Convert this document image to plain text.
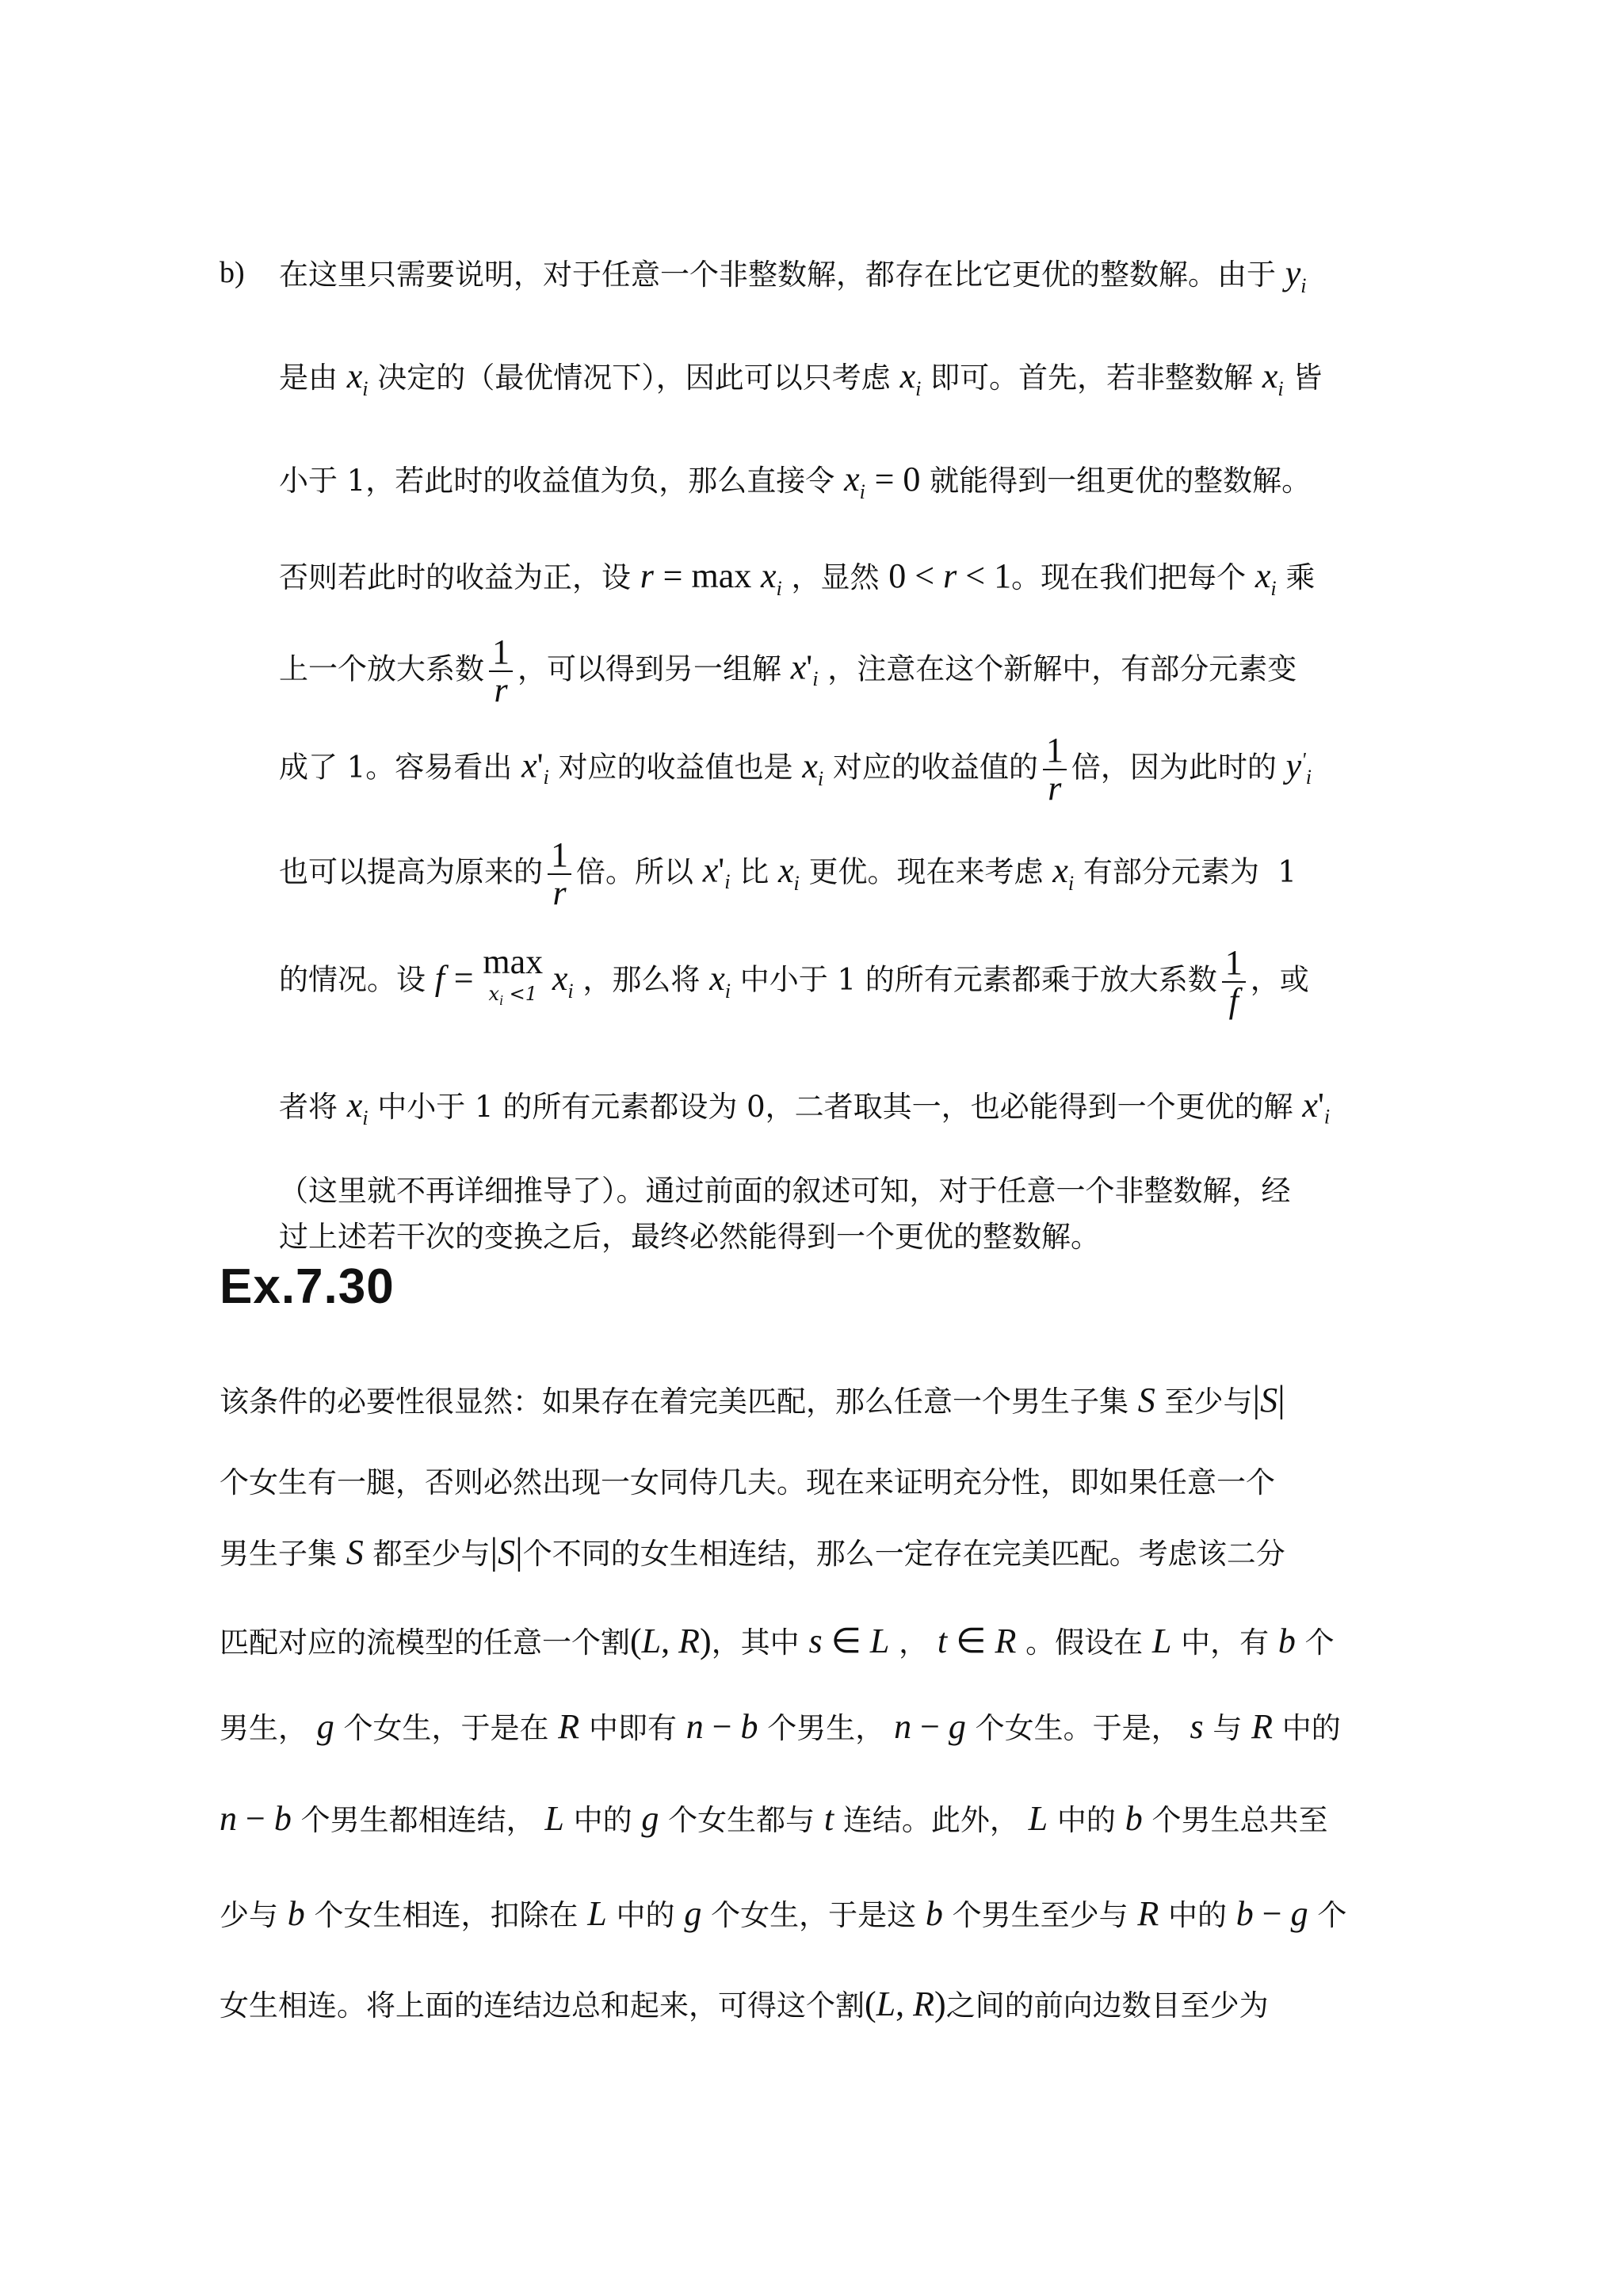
b) 在这里只需要说明，对于任意一个非整数解，都存在比它更优的整数解。由于 $y_i$
是由 $x_i$ 决定的（最优情况下），因此可以只考虑 $x_i$ 即可。首先，若非整数解 $x_i$ 皆
小于 1，若此时的收益值为负，那么直接令 $x_i = 0$ 就能得到一组更优的整数解。
否则若此时的收益为正，设 $r = \max x_i$ ，显然 0 < r < 1。现在我们把每个 $x_i$ 乘
上一个放大系数 $\frac{1}{r}$ ，可以得到另一组解 $x'_i$ ，注意在这个新解中，有部分元素变
成了 1。容易看出 $x'_i$ 对应的收益值也是 $x_i$ 对应的收益值的 $\frac{1}{r}$ 倍，因为此时的 $y'_i$
也可以提高为原来的 $\frac{1}{r}$ 倍。所以 $x'_i$ 比 $x_i$ 更优。现在来考虑 $x_i$ 有部分元素为  1
的情况。设 f = max
$x_i <1$ $x_i$ ，那么将 $x_i$ 中小于 1 的所有元素都乘于放大系数 $\frac{1}{f}$ ，或
者将 $x_i$ 中小于 1 的所有元素都设为 0，二者取其一，也必能得到一个更优的解 $x'_i$
（这里就不再详细推导了）。通过前面的叙述可知，对于任意一个非整数解，经
过上述若干次的变换之后，最终必然能得到一个更优的整数解。
Ex.7.30
该条件的必要性很显然：如果存在着完美匹配，那么任意一个男生子集 S 至少与|S|
个女生有一腿，否则必然出现一女同侍几夫。现在来证明充分性，即如果任意一个
男生子集 S 都至少与|S|个不同的女生相连结，那么一定存在完美匹配。考虑该二分
匹配对应的流模型的任意一个割(L, R)，其中 s ∈ L ， t ∈ R 。假设在 L 中，有 b 个
男生， g 个女生，于是在 R 中即有 n − b 个男生， n − g 个女生。于是， s 与 R 中的
n − b 个男生都相连结， L 中的 g 个女生都与 t 连结。此外， L 中的 b 个男生总共至
少与 b 个女生相连，扣除在 L 中的 g 个女生，于是这 b 个男生至少与 R 中的 b − g 个
女生相连。将上面的连结边总和起来，可得这个割(L, R)之间的前向边数目至少为
